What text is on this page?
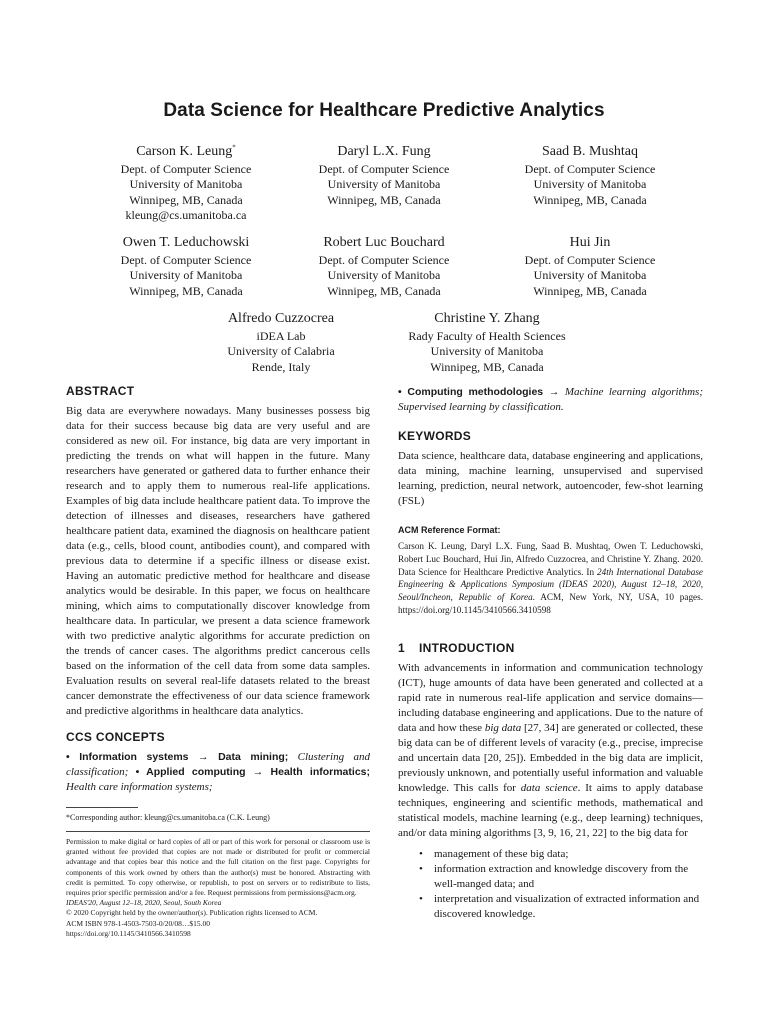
Data Science for Healthcare Predictive Analytics
Carson K. Leung*
Dept. of Computer Science
University of Manitoba
Winnipeg, MB, Canada
kleung@cs.umanitoba.ca
Daryl L.X. Fung
Dept. of Computer Science
University of Manitoba
Winnipeg, MB, Canada
Saad B. Mushtaq
Dept. of Computer Science
University of Manitoba
Winnipeg, MB, Canada
Owen T. Leduchowski
Dept. of Computer Science
University of Manitoba
Winnipeg, MB, Canada
Robert Luc Bouchard
Dept. of Computer Science
University of Manitoba
Winnipeg, MB, Canada
Hui Jin
Dept. of Computer Science
University of Manitoba
Winnipeg, MB, Canada
Alfredo Cuzzocrea
iDEA Lab
University of Calabria
Rende, Italy
Christine Y. Zhang
Rady Faculty of Health Sciences
University of Manitoba
Winnipeg, MB, Canada
ABSTRACT

Big data are everywhere nowadays. Many businesses possess big data for their success because big data are very useful and are considered as new oil. For instance, big data are very important in predicting the trends on what will happen in the future. Many researchers have generated or gathered data to further enhance their research and to apply them to numerous real-life applications. Examples of big data include healthcare patient data. To improve the detection of illnesses and diseases, researchers have gathered healthcare patient data, examined the diagnosis on healthcare patient data (e.g., cells, blood count, antibodies count), and compared with previous data to determine if a specific illness or disease exist. Having an automatic predictive method for healthcare and disease analytics would be desirable. In this paper, we focus on healthcare mining, which aims to computationally discover knowledge from healthcare data. In particular, we present a data science framework with two predictive analytic algorithms for accurate prediction on the trends of cancer cases. The algorithms predict cancerous cells based on the information of the cell data from some data samples. Evaluation results on several real-life datasets related to the breast cancer demonstrate the effectiveness of our data science framework and predictive algorithms in healthcare data analytics.

CCS CONCEPTS

• Information systems → Data mining; Clustering and classification; • Applied computing → Health informatics; Health care information systems;

*Corresponding author: kleung@cs.umanitoba.ca (C.K. Leung)

Permission to make digital or hard copies of all or part of this work for personal or classroom use is granted without fee provided that copies are not made or distributed for profit or commercial advantage and that copies bear this notice and the full citation on the first page. Copyrights for components of this work owned by others than the author(s) must be honored. Abstracting with credit is permitted. To copy otherwise, or republish, to post on servers or to redistribute to lists, requires prior specific permission and/or a fee. Request permissions from permissions@acm.org.

IDEAS'20, August 12–18, 2020, Seoul, South Korea

© 2020 Copyright held by the owner/author(s). Publication rights licensed to ACM.

ACM ISBN 978-1-4503-7503-0/20/08…$15.00

https://doi.org/10.1145/3410566.3410598

• Computing methodologies → Machine learning algorithms; Supervised learning by classification.

KEYWORDS

Data science, healthcare data, database engineering and applications, data mining, machine learning, unsupervised and supervised learning, prediction, neural network, autoencoder, few-shot learning (FSL)

ACM Reference Format:

Carson K. Leung, Daryl L.X. Fung, Saad B. Mushtaq, Owen T. Leduchowski, Robert Luc Bouchard, Hui Jin, Alfredo Cuzzocrea, and Christine Y. Zhang. 2020. Data Science for Healthcare Predictive Analytics. In 24th International Database Engineering & Applications Symposium (IDEAS 2020), August 12–18, 2020, Seoul/Incheon, Republic of Korea. ACM, New York, NY, USA, 10 pages. https://doi.org/10.1145/3410566.3410598

1 INTRODUCTION

With advancements in information and communication technology (ICT), huge amounts of data have been generated and collected at a rapid rate in numerous real-life application and service domains—including database engineering and applications. Due to the nature of data and how these big data [27, 34] are generated or collected, these big data can be of different levels of varacity (e.g., precise, imprecise and uncertain data [20, 25]). Embedded in the big data are implicit, previously unknown, and potentially useful information and valuable knowledge. This calls for data science. It aims to apply database techniques, engineering and scientific methods, mathematical and statistical models, machine learning (e.g., deep learning) techniques, and/or data mining algorithms [3, 9, 16, 21, 22] to the big data for

• management of these big data;
• information extraction and knowledge discovery from the well-manged data; and
• interpretation and visualization of extracted information and discovered knowledge.
